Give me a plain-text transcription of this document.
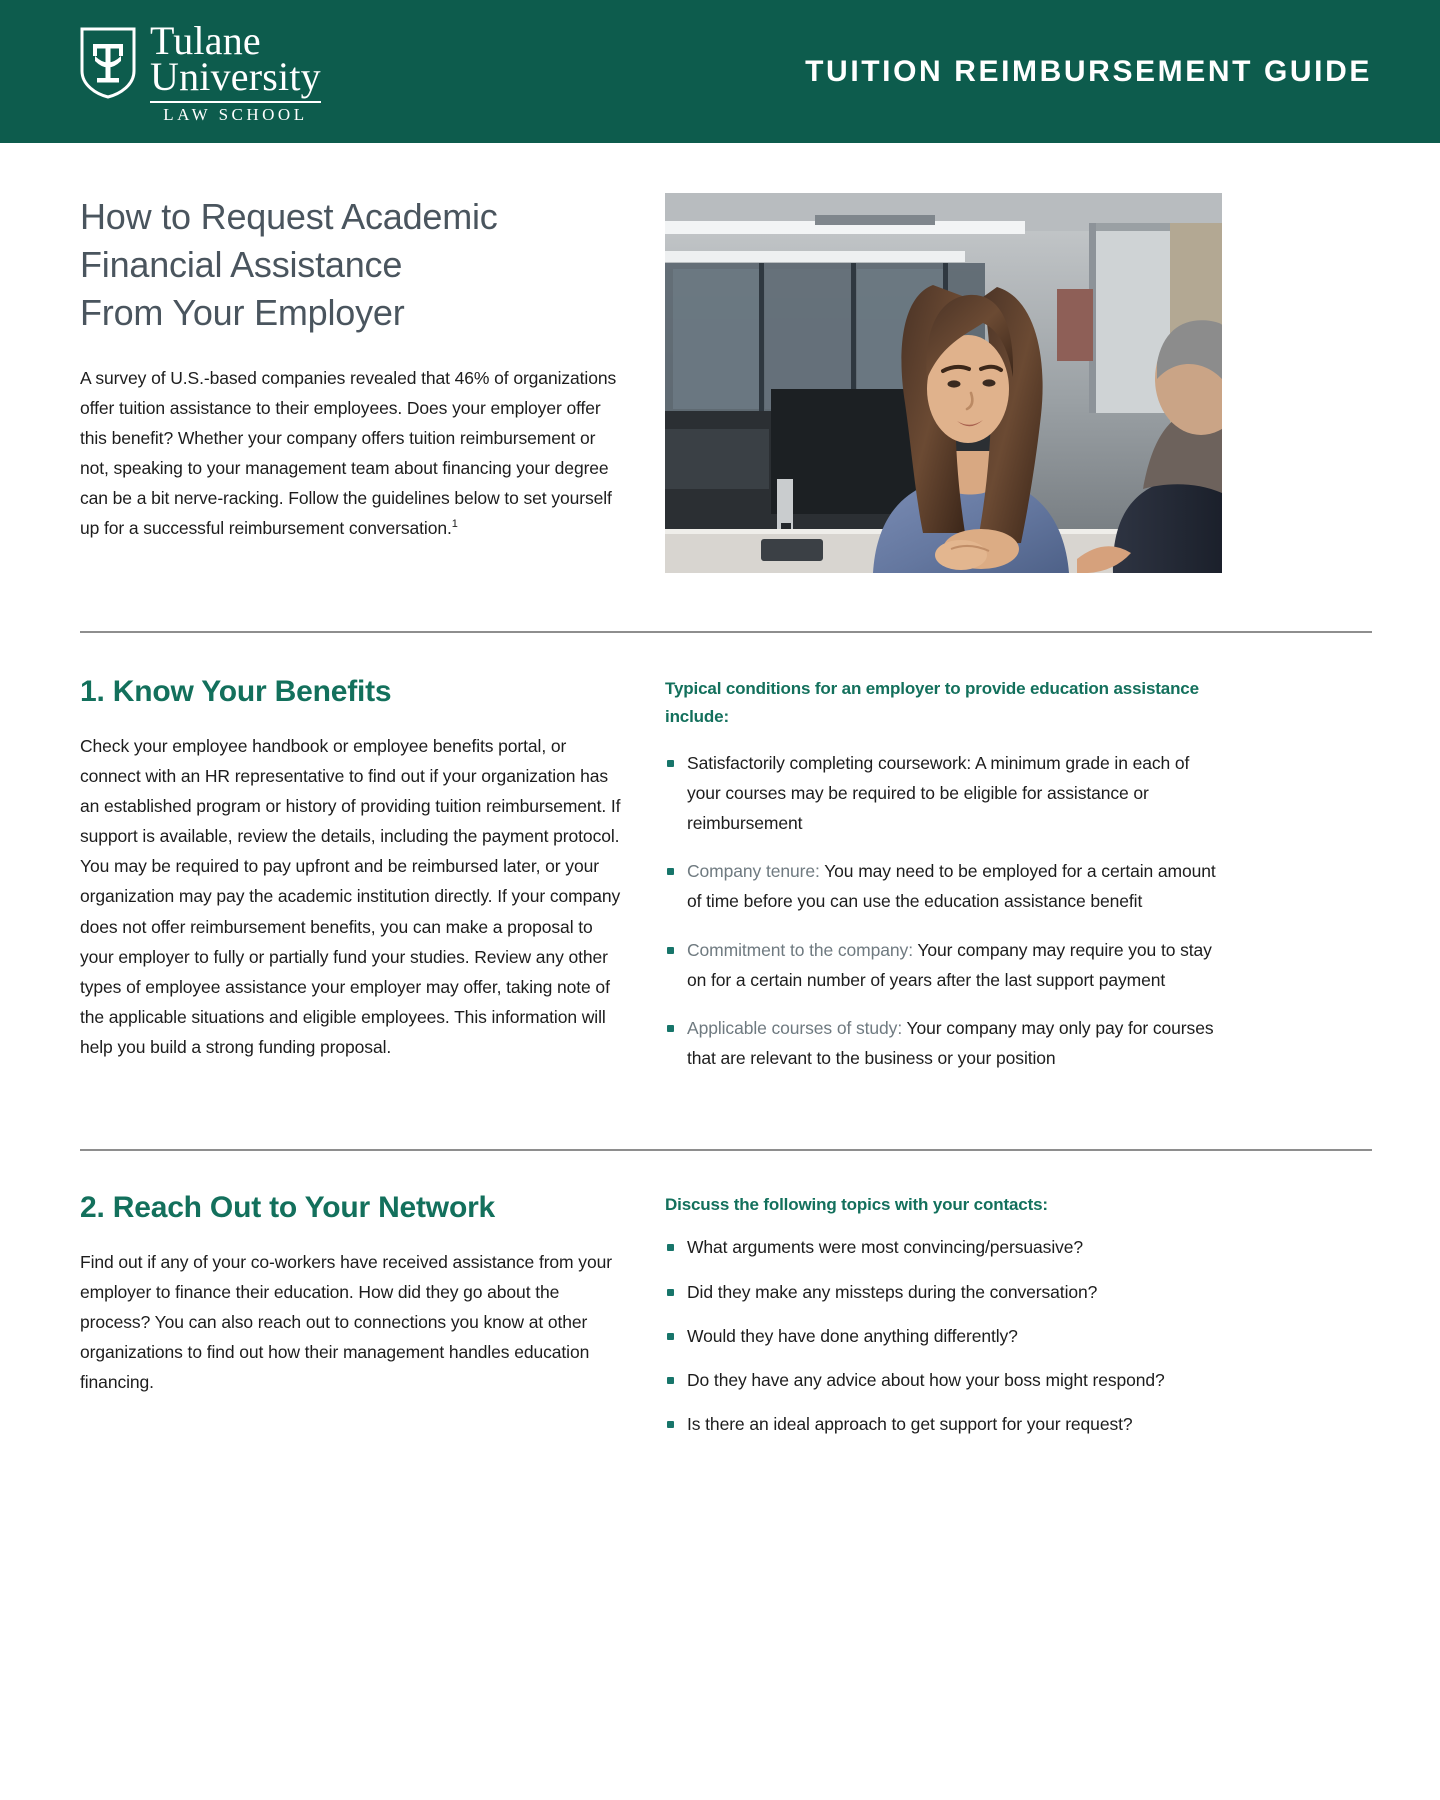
Tulane
University
LAW SCHOOL
TUITION REIMBURSEMENT GUIDE
How to Request Academic
Financial Assistance
From Your Employer

A survey of U.S.-based companies revealed that 46% of organizations offer tuition assistance to their employees. Does your employer offer this benefit? Whether your company offers tuition reimbursement or not, speaking to your management team about financing your degree can be a bit nerve-racking. Follow the guidelines below to set yourself up for a successful reimbursement conversation.$^1$

1. Know Your Benefits

Check your employee handbook or employee benefits portal, or connect with an HR representative to find out if your organization has an established program or history of providing tuition reimbursement. If support is available, review the details, including the payment protocol. You may be required to pay upfront and be reimbursed later, or your organization may pay the academic institution directly. If your company does not offer reimbursement benefits, you can make a proposal to your employer to fully or partially fund your studies. Review any other types of employee assistance your employer may offer, taking note of the applicable situations and eligible employees. This information will help you build a strong funding proposal.

Typical conditions for an employer to provide education assistance include:

Satisfactorily completing coursework: A minimum grade in each of your courses may be required to be eligible for assistance or reimbursement
Company tenure: You may need to be employed for a certain amount of time before you can use the education assistance benefit
Commitment to the company: Your company may require you to stay on for a certain number of years after the last support payment
Applicable courses of study: Your company may only pay for courses that are relevant to the business or your position
2. Reach Out to Your Network

Find out if any of your co-workers have received assistance from your employer to finance their education. How did they go about the process? You can also reach out to connections you know at other organizations to find out how their management handles education financing.

Discuss the following topics with your contacts:

What arguments were most convincing/persuasive?
Did they make any missteps during the conversation?
Would they have done anything differently?
Do they have any advice about how your boss might respond?
Is there an ideal approach to get support for your request?
